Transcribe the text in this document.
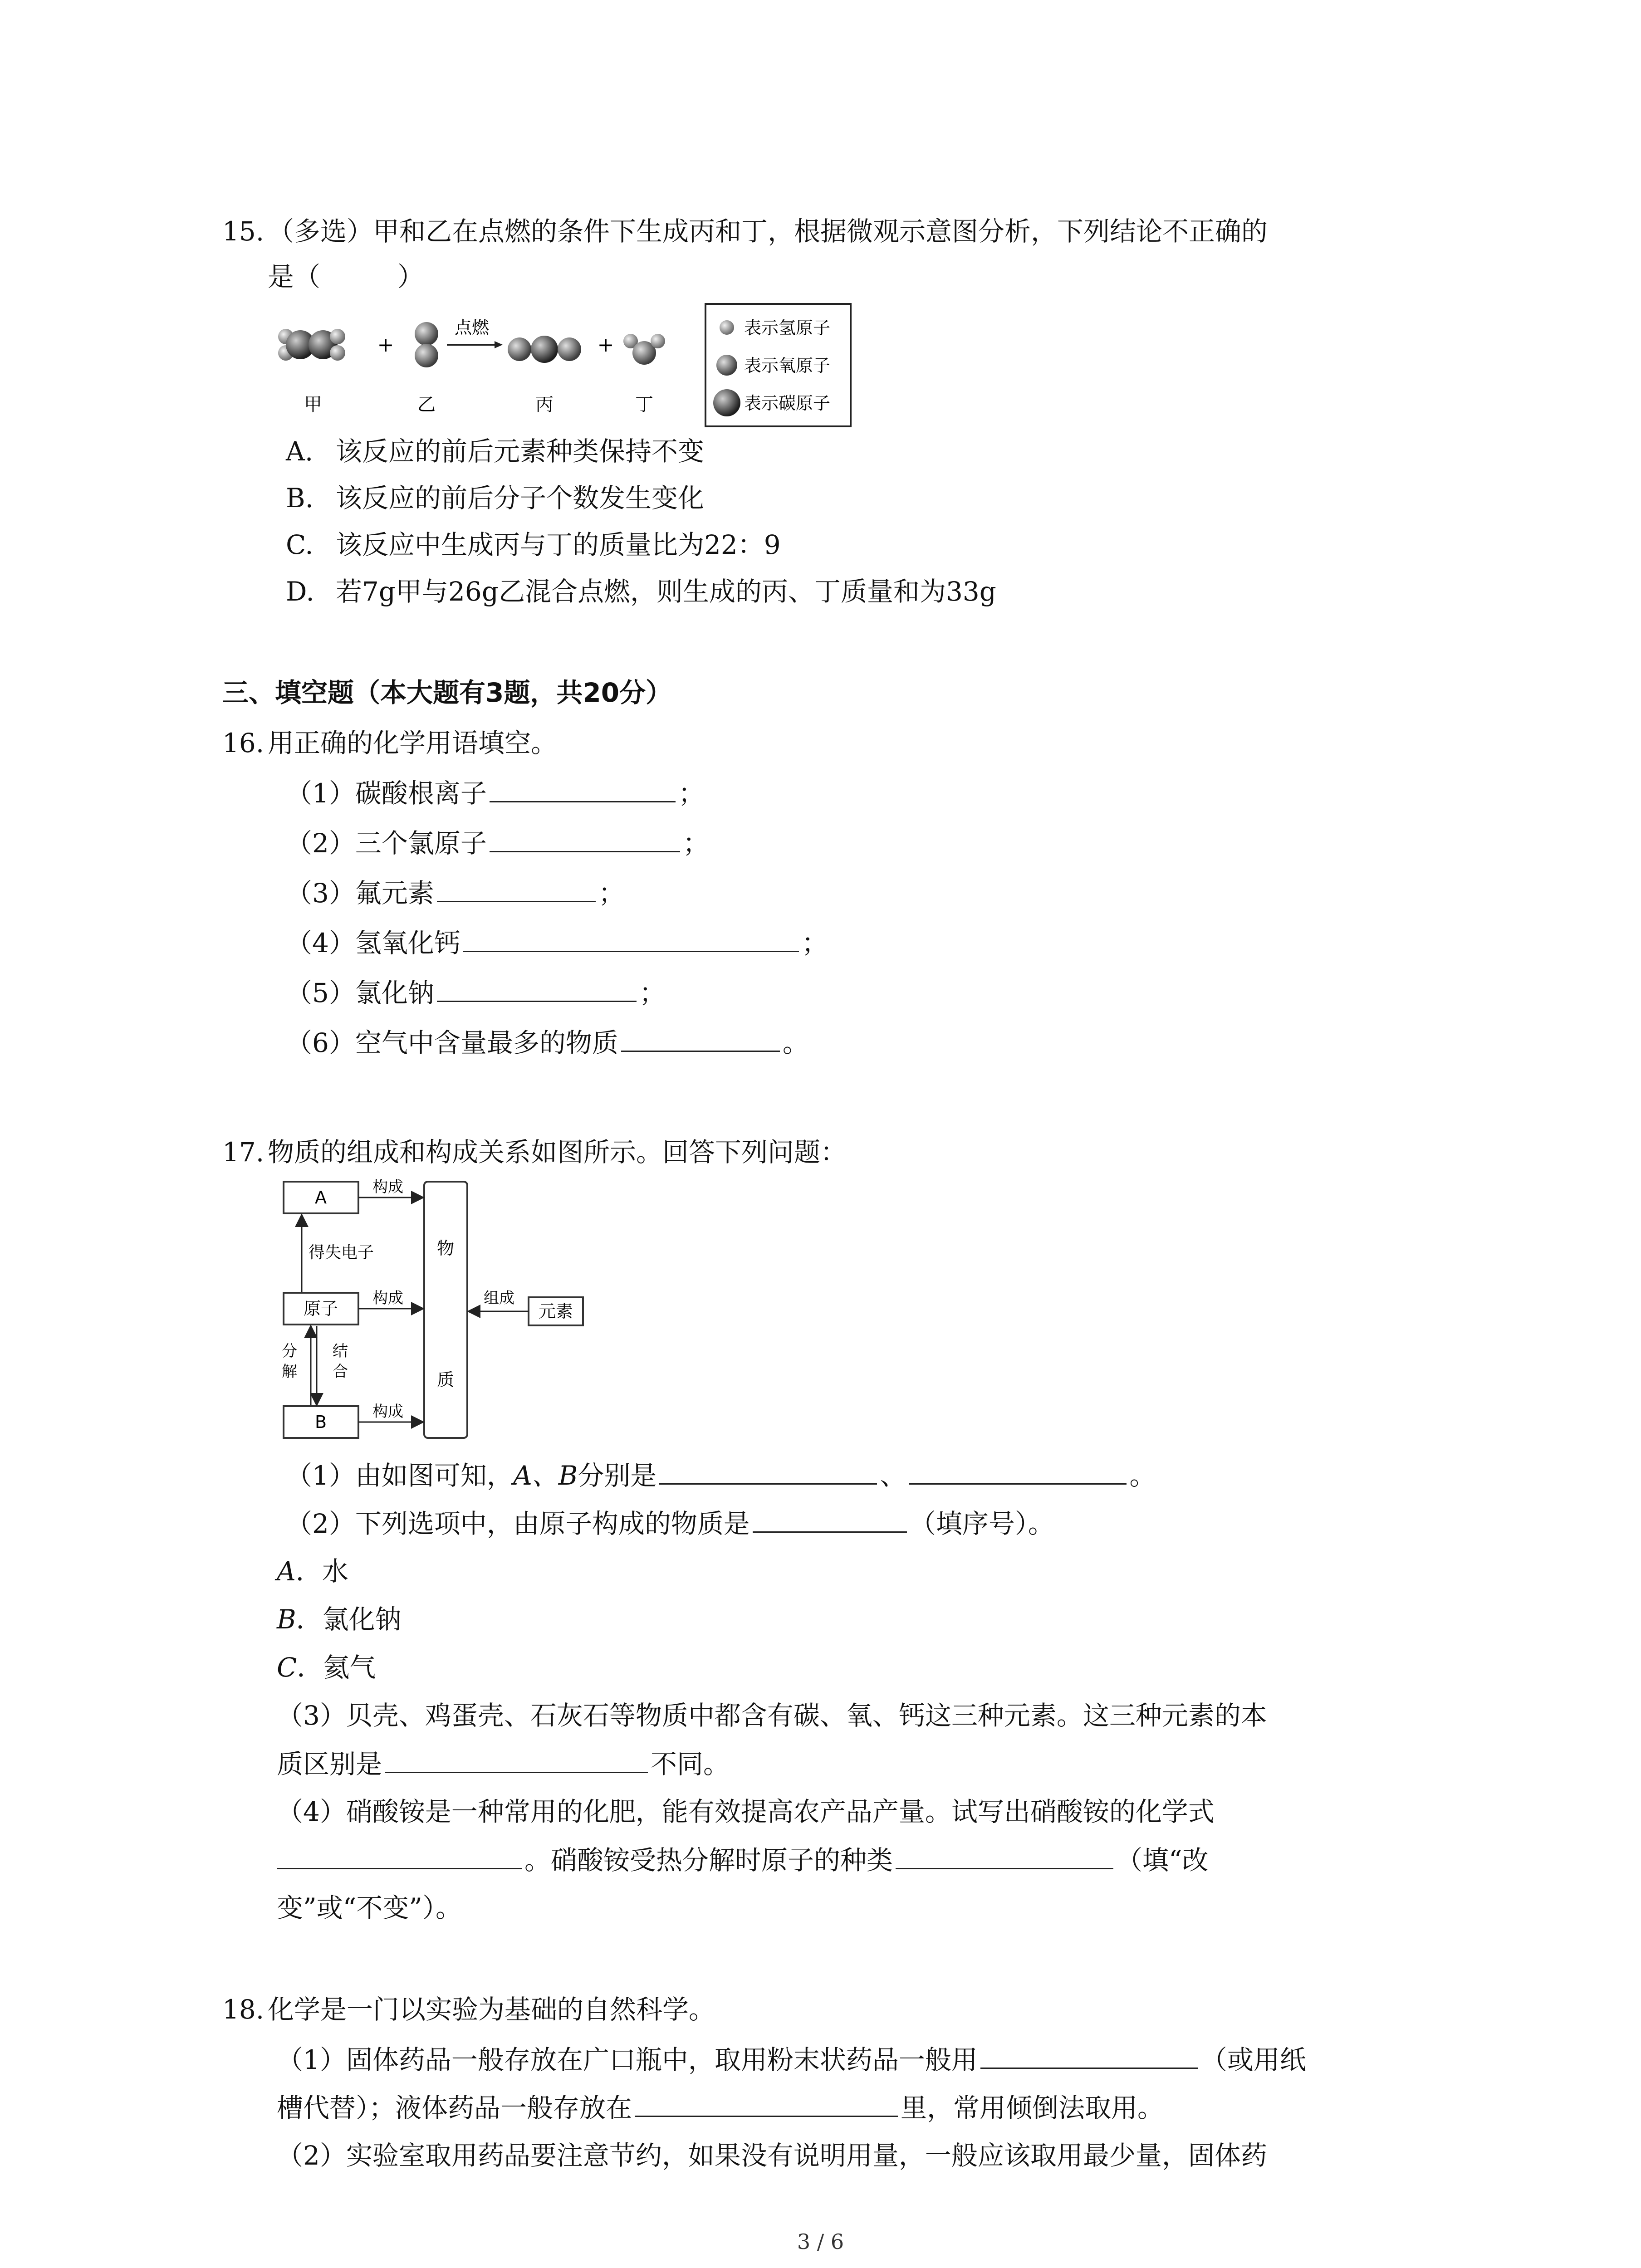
15. （多选）甲和乙在点燃的条件下生成丙和丁，根据微观示意图分析，下列结论不正确的
是（	）
甲
+
乙
点燃
丙
+
丁
表示氢原子
表示氧原子
表示碳原子
A. 该反应的前后元素种类保持不变
B. 该反应的前后分子个数发生变化
C. 该反应中生成丙与丁的质量比为22：9
D. 若7g甲与26g乙混合点燃，则生成的丙、丁质量和为33g
三、填空题（本大题有3题，共20分）
16. 用正确的化学用语填空。
（1）碳酸根离子	；
（2）三个氯原子	；
（3）氟元素	；
（4）氢氧化钙	；
（5）氯化钠	；
（6）空气中含量最多的物质	。
17. 物质的组成和构成关系如图所示。回答下列问题：
A
原子
B
物
质
元素
构成
构成
构成
组成
得失电子
分
解
结
合
（1）由如图可知，A、B分别是	、	。
（2）下列选项中，由原子构成的物质是	（填序号）。
A．水
B．氯化钠
C．氦气
（3）贝壳、鸡蛋壳、石灰石等物质中都含有碳、氧、钙这三种元素。这三种元素的本
质区别是	不同。
（4）硝酸铵是一种常用的化肥，能有效提高农产品产量。试写出硝酸铵的化学式
。硝酸铵受热分解时原子的种类	（填“改
变”或“不变”）。
18. 化学是一门以实验为基础的自然科学。
（1）固体药品一般存放在广口瓶中，取用粉末状药品一般用	（或用纸
槽代替）；液体药品一般存放在	里，常用倾倒法取用。
（2）实验室取用药品要注意节约，如果没有说明用量，一般应该取用最少量，固体药
3 / 6
